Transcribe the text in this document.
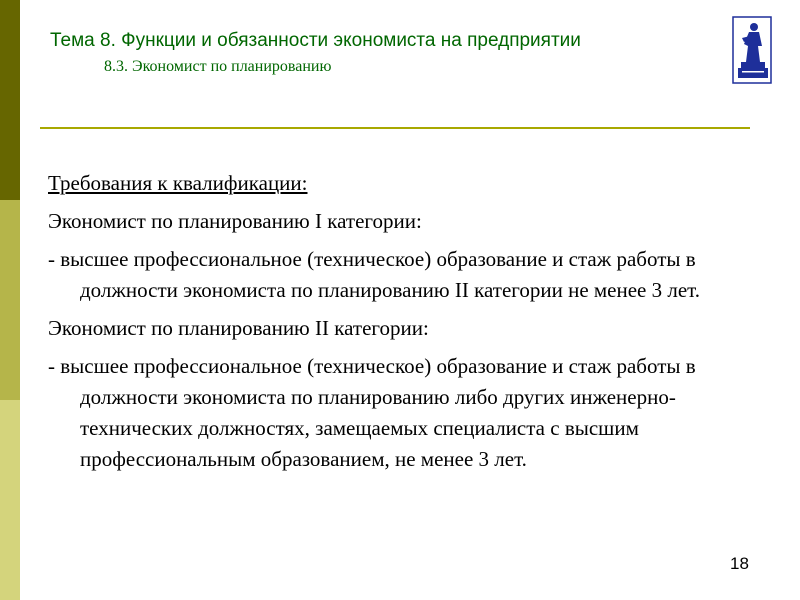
Тема 8. Функции и обязанности экономиста на предприятии
8.3. Экономист по планированию

Требования к квалификации:

Экономист по планированию I категории:

- высшее профессиональное (техническое) образование и стаж работы в должности экономиста по планированию II категории не менее 3 лет.

Экономист по планированию II категории:

- высшее профессиональное (техническое) образование и стаж работы в должности экономиста по планированию либо других инженерно-технических должностях, замещаемых специалиста с высшим профессиональным образованием, не менее 3 лет.

18
